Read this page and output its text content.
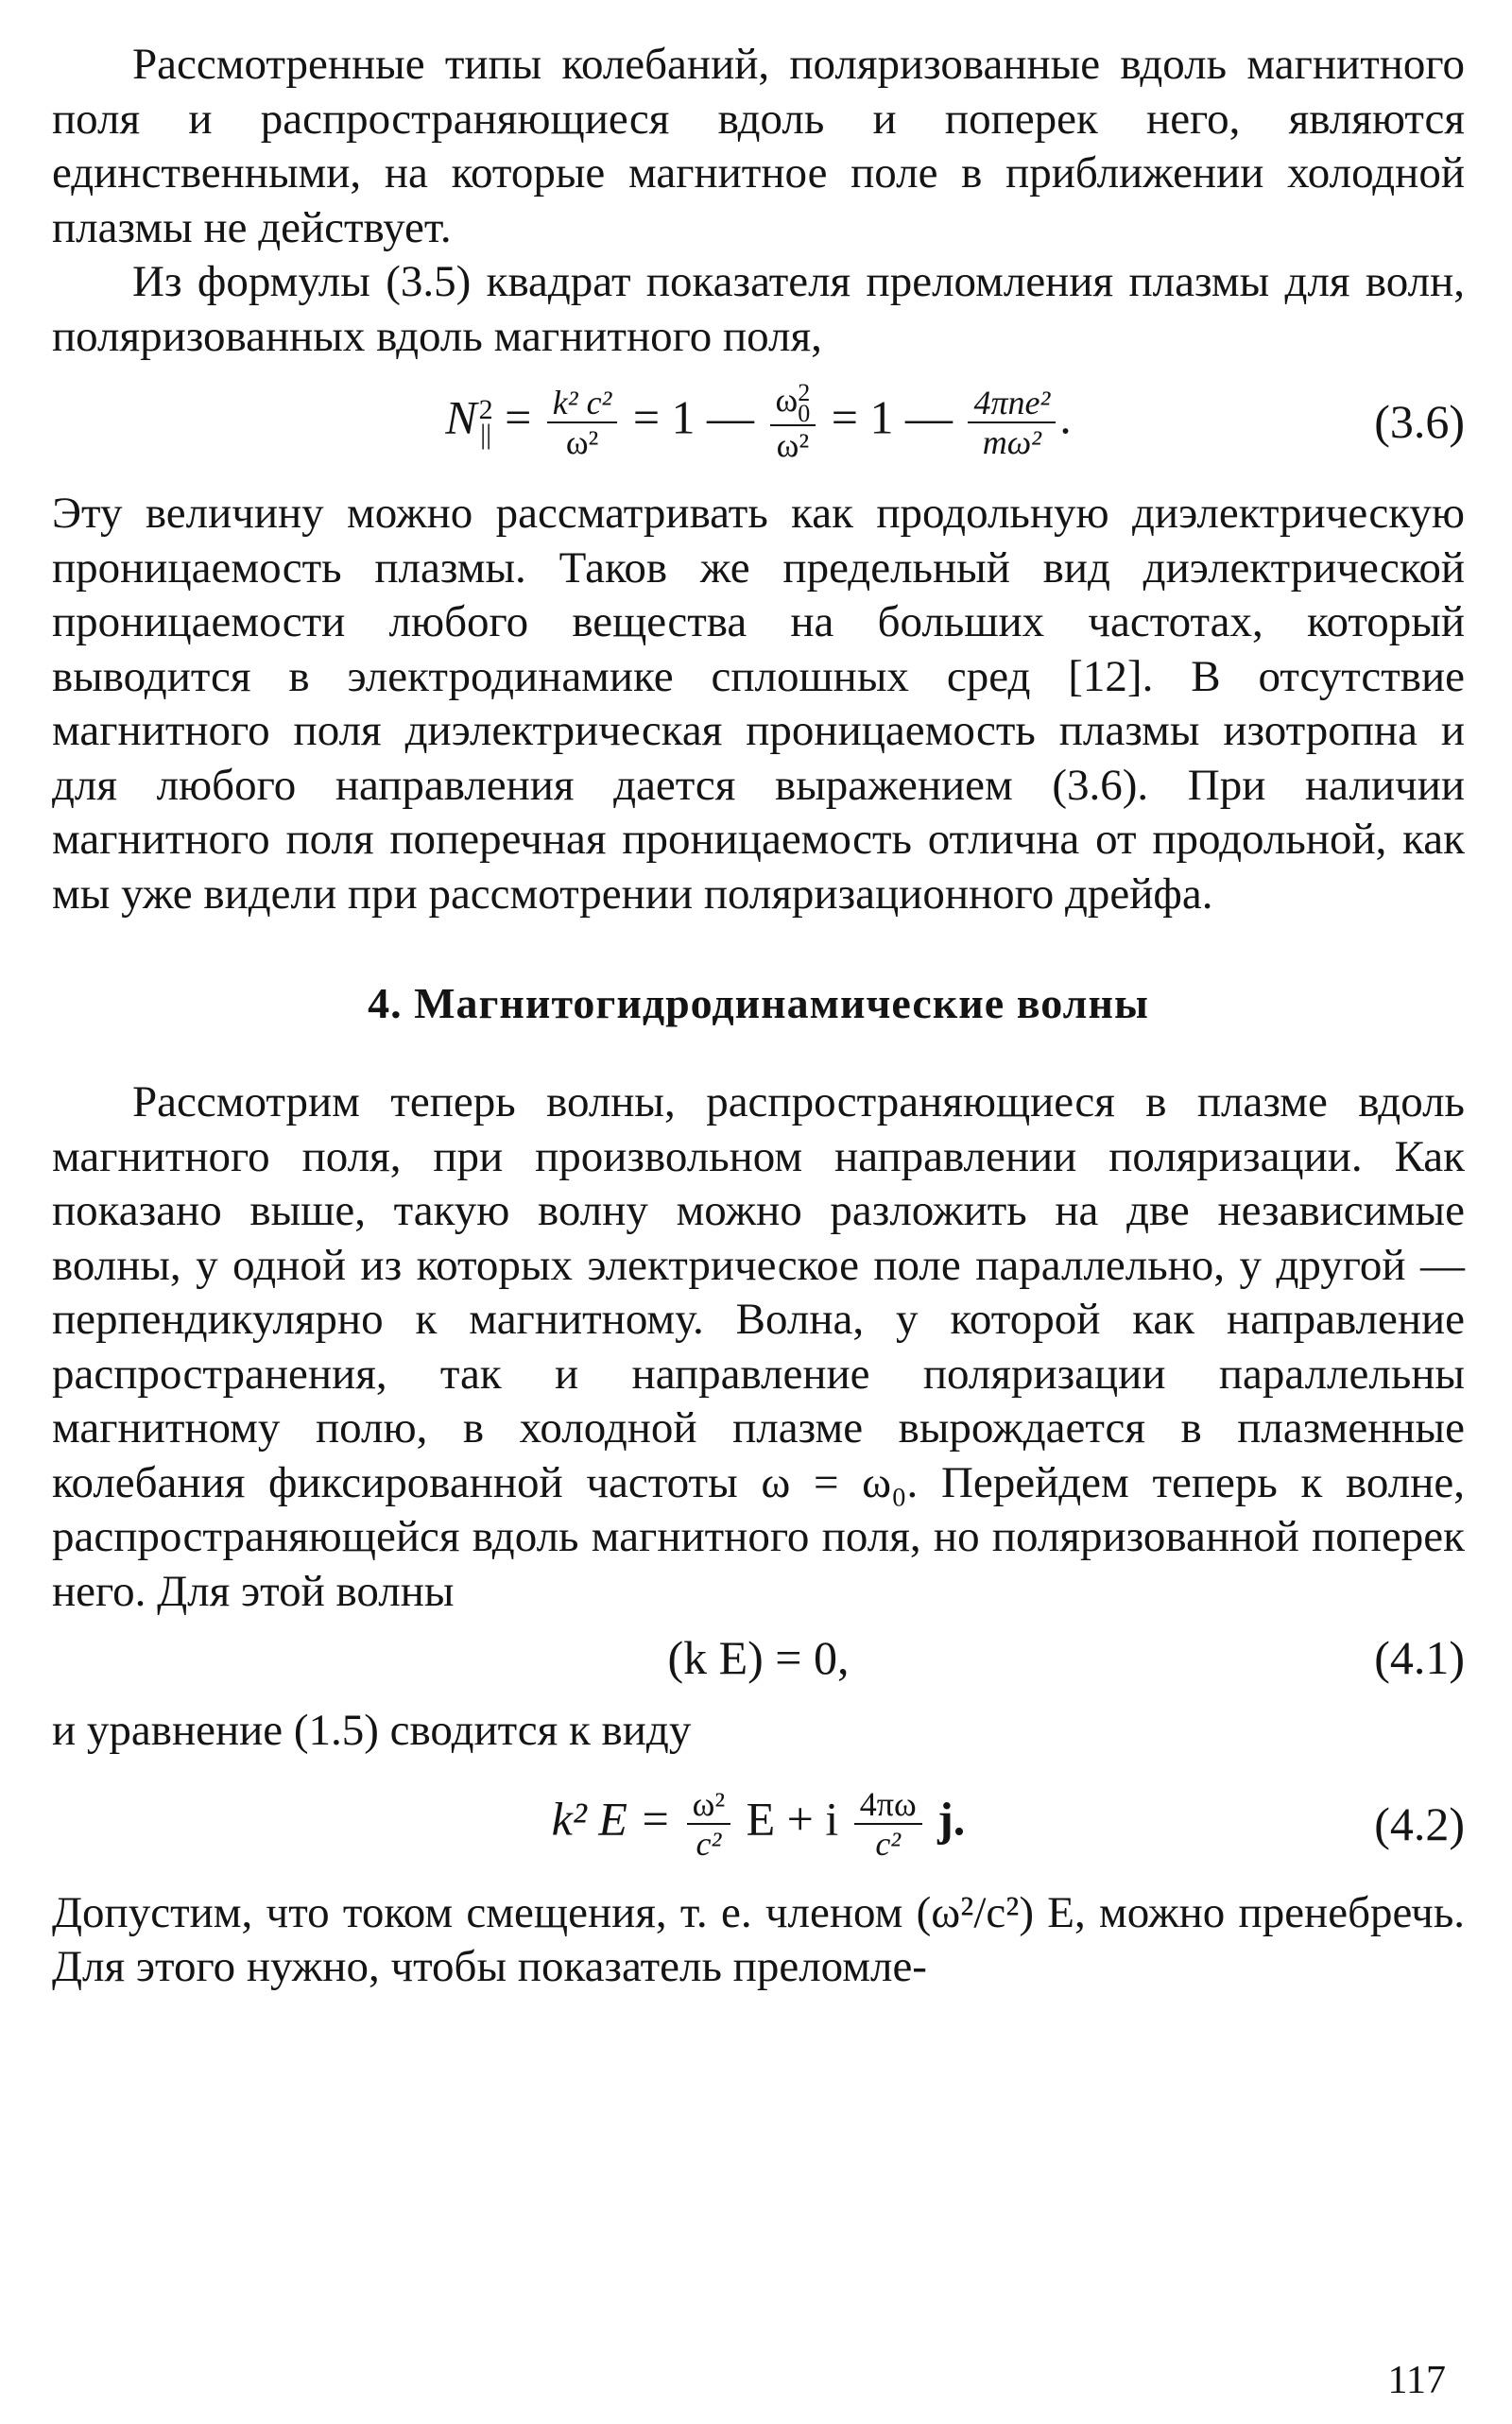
Рассмотренные типы колебаний, поляризованные вдоль магнитного поля и распространяющиеся вдоль и поперек него, являются единственными, на которые магнитное поле в приближении холодной плазмы не действует.

Из формулы (3.5) квадрат показателя преломления плазмы для волн, поляризованных вдоль магнитного поля,

N 2
|| = $\frac{\text{k² c²}}{\text{ω²}} = 1$ — ω 2
0
ω² = 1 — $\frac{\text{4πne²}}{\text{mω²}}$ .	(3.6)

Эту величину можно рассматривать как продольную диэлектрическую проницаемость плазмы. Таков же предельный вид диэлектрической проницаемости любого вещества на больших частотах, который выводится в электродинамике сплошных сред [12]. В отсутствие магнитного поля диэлектрическая проницаемость плазмы изотропна и для любого направления дается выражением (3.6). При наличии магнитного поля поперечная проницаемость отлична от продольной, как мы уже видели при рассмотрении поляризационного дрейфа.

4. Магнитогидродинамические волны

Рассмотрим теперь волны, распространяющиеся в плазме вдоль магнитного поля, при произвольном направлении поляризации. Как показано выше, такую волну можно разложить на две независимые волны, у одной из которых электрическое поле параллельно, у другой — перпендикулярно к магнитному. Волна, у которой как направление распространения, так и направление поляризации параллельны магнитному полю, в холодной плазме вырождается в плазменные колебания фиксированной частоты ω = ω₀. Перейдем теперь к волне, распространяющейся вдоль магнитного поля, но поляризованной поперек него. Для этой волны

(k E) = 0,	(4.1)

и уравнение (1.5) сводится к виду

k² $E = \frac{\text{ω²}}{\text{c²}}$ E + i $\frac{4\pi\omega}{\text{c²}} j$.	(4.2)

Допустим, что током смещения, т. е. членом (ω²/c²) E, можно пренебречь. Для этого нужно, чтобы показатель преломле-

117
